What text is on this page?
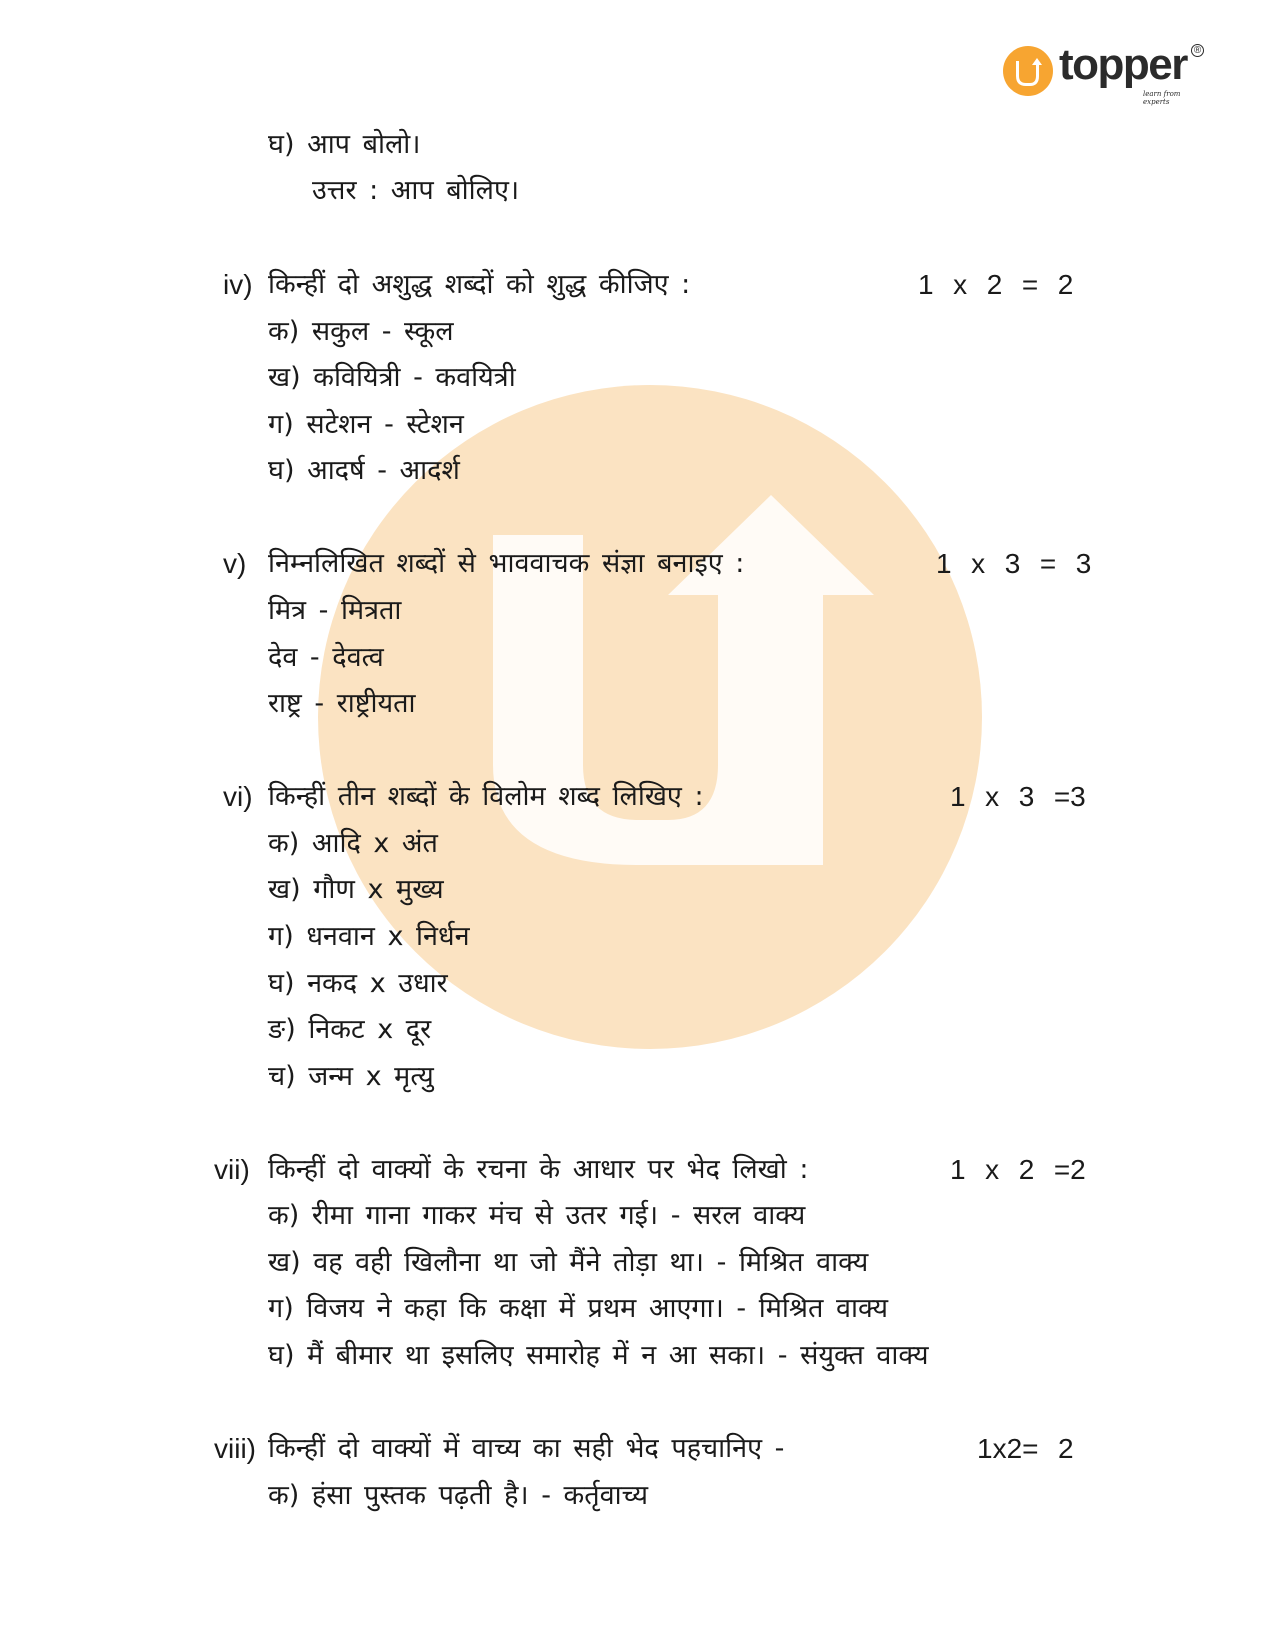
topper ®
learn from experts
घ) आप बोलो।
उत्तर : आप बोलिए।
iv) किन्हीं दो अशुद्ध शब्दों को शुद्ध कीजिए :	1  x  2  =  2
क) सकुल - स्कूल
ख) कवियित्री - कवयित्री
ग) सटेशन - स्टेशन
घ) आदर्ष - आदर्श
v) निम्नलिखित शब्दों से भाववाचक संज्ञा बनाइए :	1  x  3  =  3
मित्र - मित्रता
देव - देवत्व
राष्ट्र - राष्ट्रीयता
vi) किन्हीं तीन शब्दों के विलोम शब्द लिखिए :	1  x  3  =3
क) आदि x अंत
ख) गौण x मुख्य
ग) धनवान x निर्धन
घ) नकद x उधार
ङ) निकट x दूर
च) जन्म x मृत्यु
vii) किन्हीं दो वाक्यों के रचना के आधार पर भेद लिखो :	1  x  2  =2
क) रीमा गाना गाकर मंच से उतर गई। - सरल वाक्य
ख) वह वही खिलौना था जो मैंने तोड़ा था। - मिश्रित वाक्य
ग) विजय ने कहा कि कक्षा में प्रथम आएगा। - मिश्रित वाक्य
घ) मैं बीमार था इसलिए समारोह में न आ सका। - संयुक्त वाक्य
viii) किन्हीं दो वाक्यों में वाच्य का सही भेद पहचानिए -	1x2=  2
क) हंसा पुस्तक पढ़ती है। - कर्तृवाच्य
